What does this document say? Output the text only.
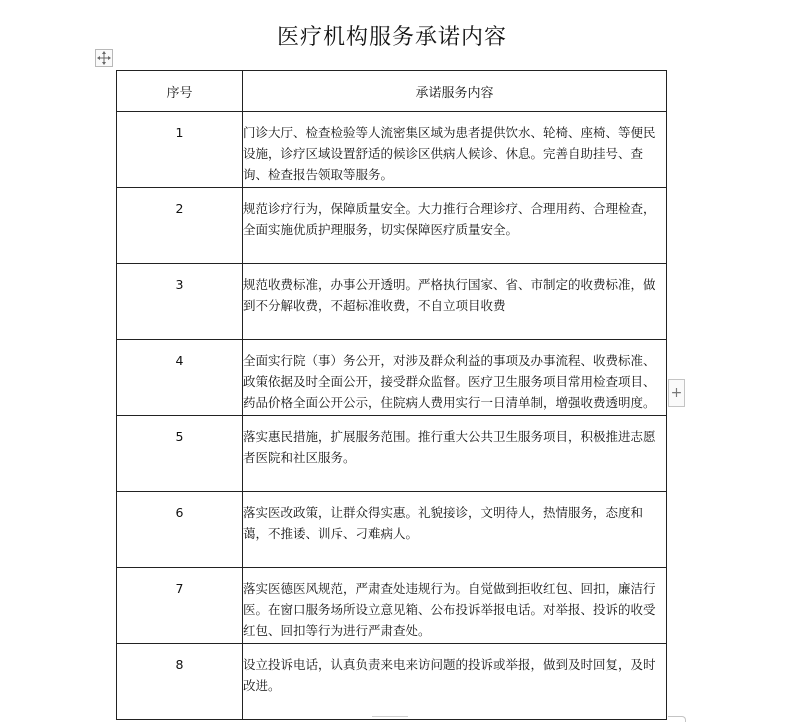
医疗机构服务承诺内容
序号	承诺服务内容
1	门诊大厅、检查检验等人流密集区域为患者提供饮水、轮椅、座椅、等便民设施，诊疗区域设置舒适的候诊区供病人候诊、休息。完善自助挂号、查询、检查报告领取等服务。
2	规范诊疗行为，保障质量安全。大力推行合理诊疗、合理用药、合理检查，全面实施优质护理服务，切实保障医疗质量安全。
3	规范收费标准，办事公开透明。严格执行国家、省、市制定的收费标准，做到不分解收费，不超标准收费，不自立项目收费
4	全面实行院（事）务公开，对涉及群众利益的事项及办事流程、收费标准、政策依据及时全面公开，接受群众监督。医疗卫生服务项目常用检查项目、药品价格全面公开公示，住院病人费用实行一日清单制，增强收费透明度。
5	落实惠民措施，扩展服务范围。推行重大公共卫生服务项目，积极推进志愿者医院和社区服务。
6	落实医改政策，让群众得实惠。礼貌接诊，文明待人，热情服务，态度和蔼，不推诿、训斥、刁难病人。
7	落实医德医风规范，严肃查处违规行为。自觉做到拒收红包、回扣，廉洁行医。在窗口服务场所设立意见箱、公布投诉举报电话。对举报、投诉的收受红包、回扣等行为进行严肃查处。
8	设立投诉电话，认真负责来电来访问题的投诉或举报，做到及时回复，及时改进。
+
